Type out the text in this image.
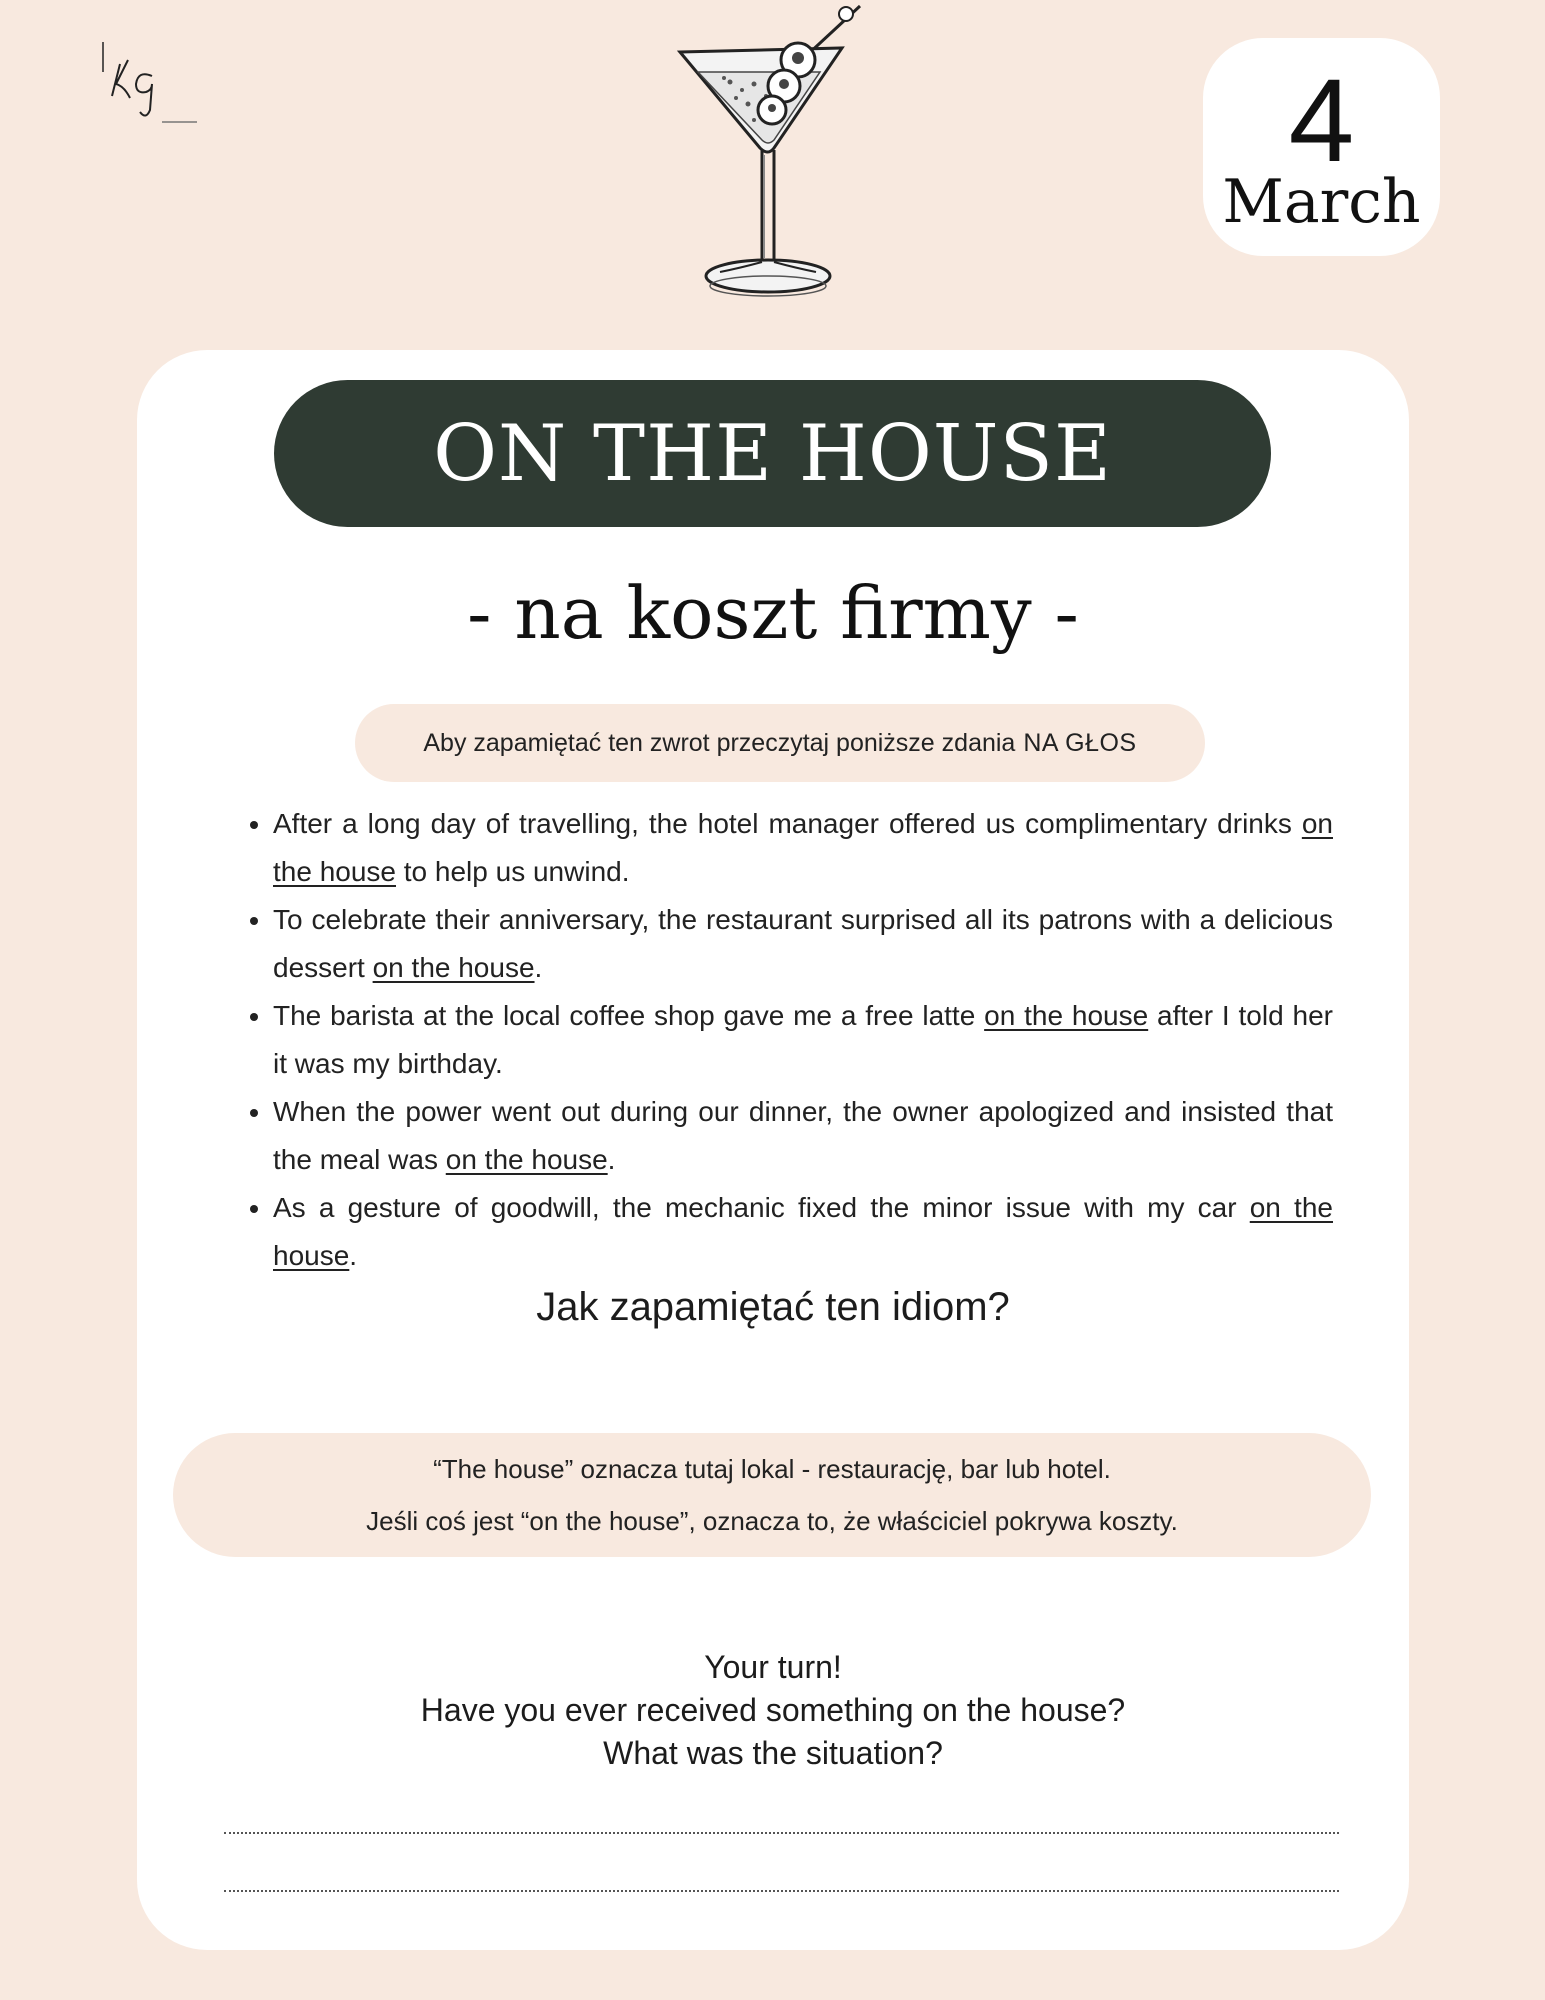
4
March
ON THE HOUSE
- na koszt firmy -
Aby zapamiętać ten zwrot przeczytaj poniższe zdania NA GŁOS
• After a long day of travelling, the hotel manager offered us complimentary drinks on the house to help us unwind.
• To celebrate their anniversary, the restaurant surprised all its patrons with a delicious dessert on the house.
• The barista at the local coffee shop gave me a free latte on the house after I told her it was my birthday.
• When the power went out during our dinner, the owner apologized and insisted that the meal was on the house.
• As a gesture of goodwill, the mechanic fixed the minor issue with my car on the house.
Jak zapamiętać ten idiom?
“The house” oznacza tutaj lokal - restaurację, bar lub hotel.
Jeśli coś jest “on the house”, oznacza to, że właściciel pokrywa koszty.
Your turn!
Have you ever received something on the house?
What was the situation?
